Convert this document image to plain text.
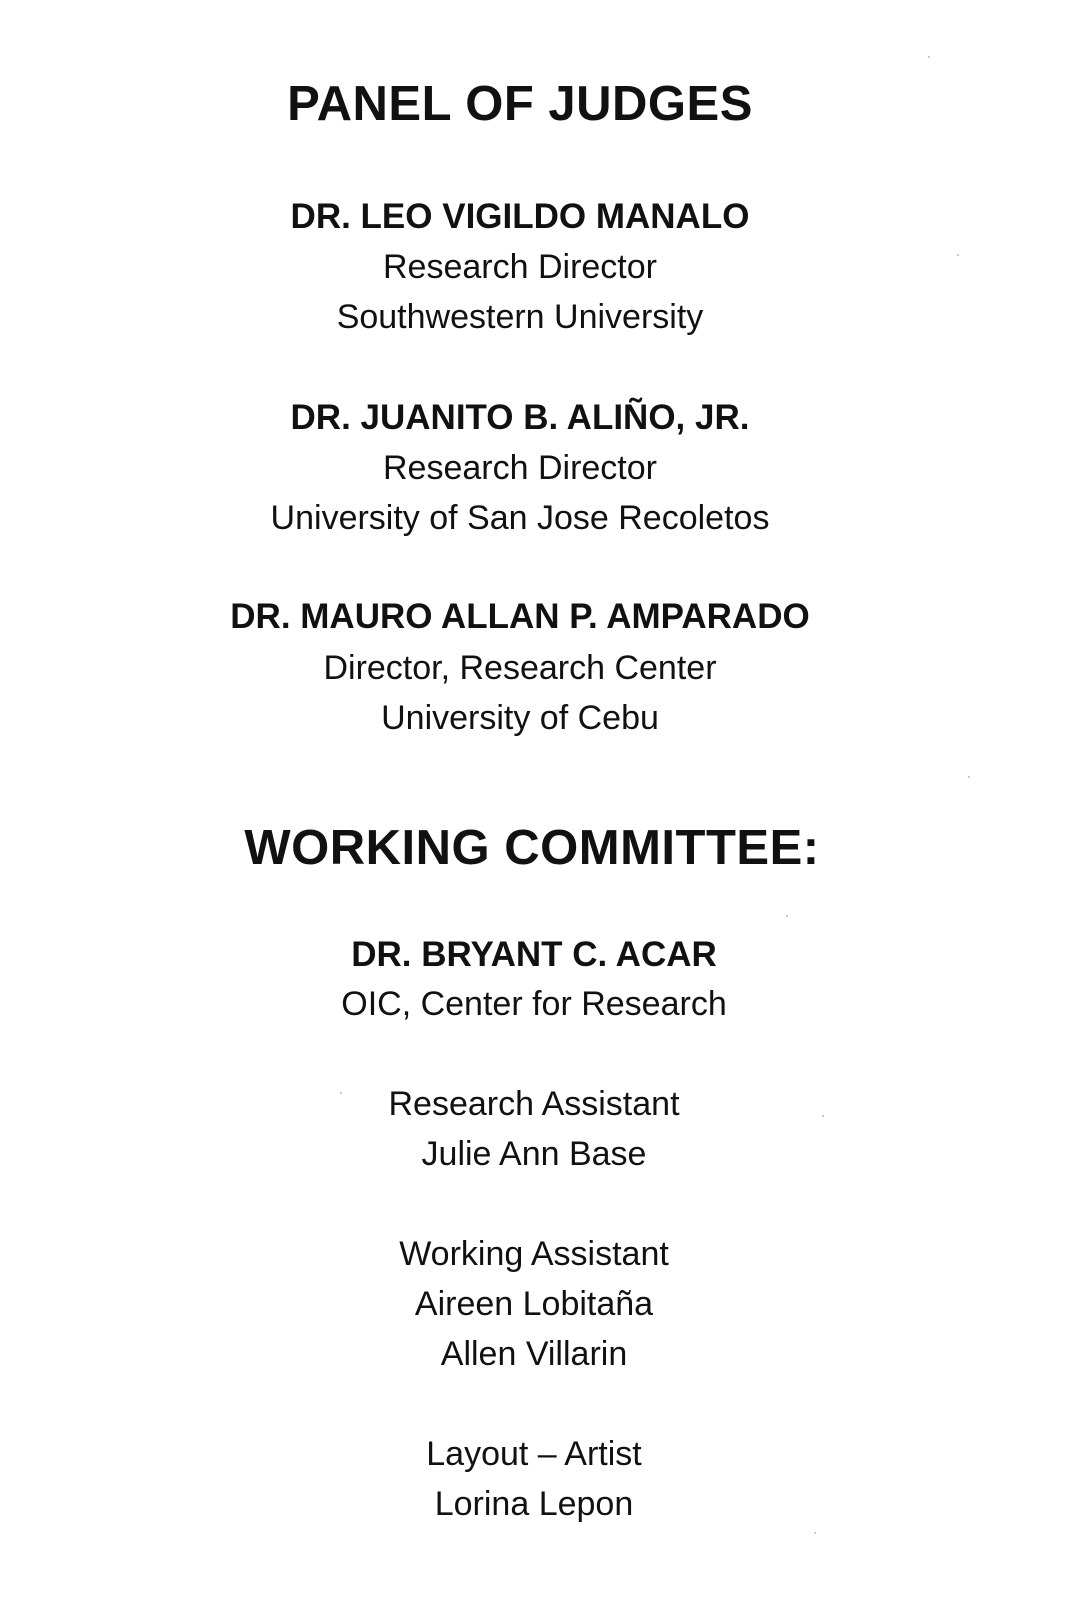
PANEL OF JUDGES
DR. LEO VIGILDO MANALO
Research Director
Southwestern University
DR. JUANITO B. ALIÑO, JR.
Research Director
University of San Jose Recoletos
DR. MAURO ALLAN P. AMPARADO
Director, Research Center
University of Cebu
WORKING COMMITTEE:
DR. BRYANT C. ACAR
OIC, Center for Research
Research Assistant
Julie Ann Base
Working Assistant
Aireen Lobitaña
Allen Villarin
Layout – Artist
Lorina Lepon
